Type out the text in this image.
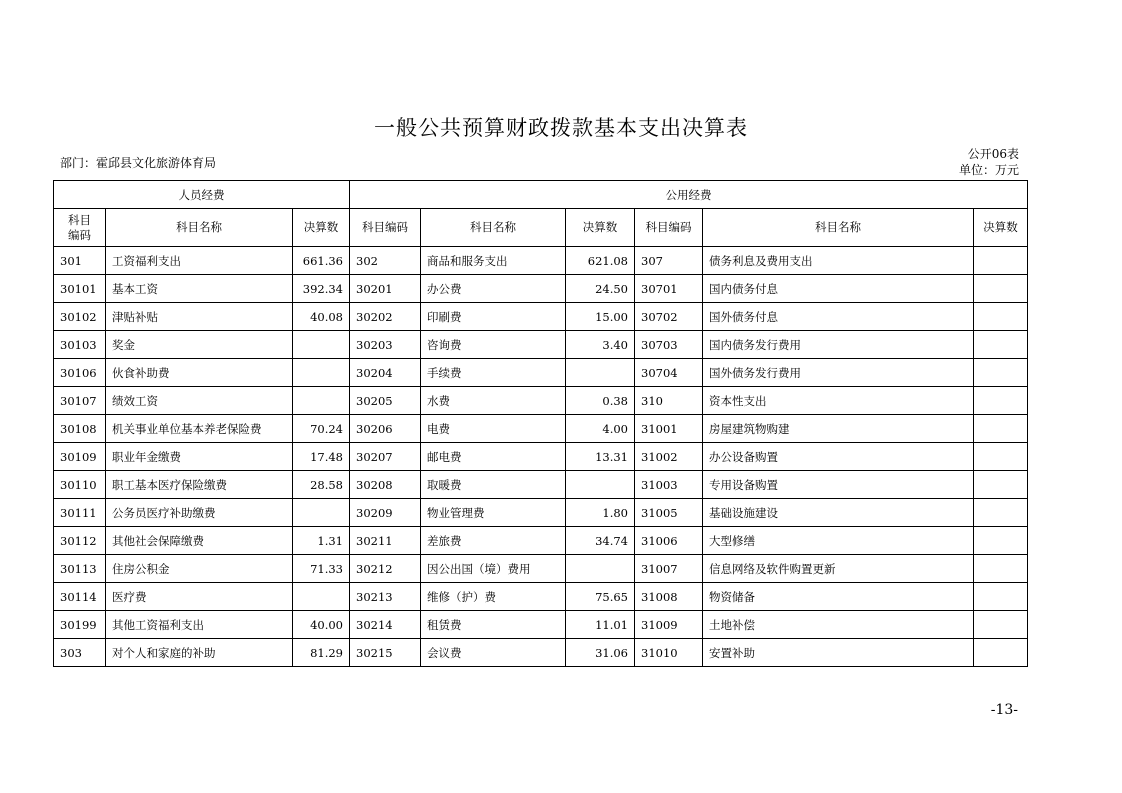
一般公共预算财政拨款基本支出决算表
部门：霍邱县文化旅游体育局
公开06表
单位：万元
人员经费			公用经费					
科目
编码	科目名称	决算数	科目编码	科目名称	决算数	科目编码	科目名称	决算数
301	工资福利支出	661.36	302	商品和服务支出	621.08	307	债务利息及费用支出	
30101	基本工资	392.34	30201	办公费	24.50	30701	国内债务付息	
30102	津贴补贴	40.08	30202	印刷费	15.00	30702	国外债务付息	
30103	奖金		30203	咨询费	3.40	30703	国内债务发行费用	
30106	伙食补助费		30204	手续费		30704	国外债务发行费用	
30107	绩效工资		30205	水费	0.38	310	资本性支出	
30108	机关事业单位基本养老保险费	70.24	30206	电费	4.00	31001	房屋建筑物购建	
30109	职业年金缴费	17.48	30207	邮电费	13.31	31002	办公设备购置	
30110	职工基本医疗保险缴费	28.58	30208	取暖费		31003	专用设备购置	
30111	公务员医疗补助缴费		30209	物业管理费	1.80	31005	基础设施建设	
30112	其他社会保障缴费	1.31	30211	差旅费	34.74	31006	大型修缮	
30113	住房公积金	71.33	30212	因公出国（境）费用		31007	信息网络及软件购置更新	
30114	医疗费		30213	维修（护）费	75.65	31008	物资储备	
30199	其他工资福利支出	40.00	30214	租赁费	11.01	31009	土地补偿	
303	对个人和家庭的补助	81.29	30215	会议费	31.06	31010	安置补助	
-13-
